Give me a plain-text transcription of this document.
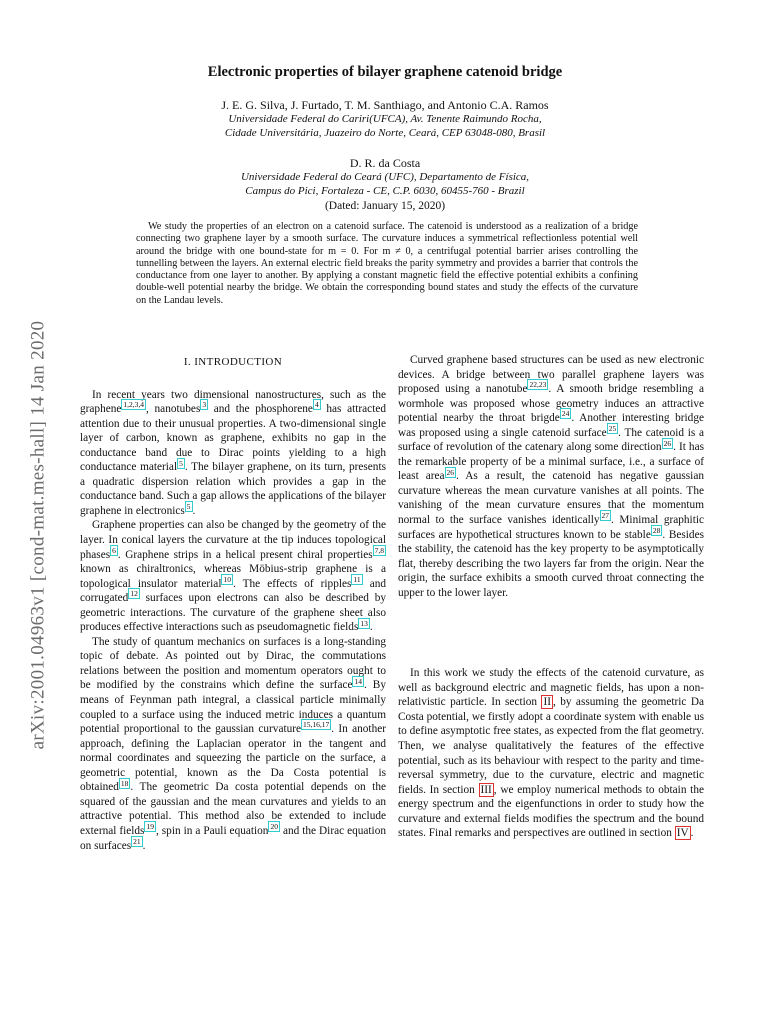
arXiv:2001.04963v1 [cond-mat.mes-hall] 14 Jan 2020
Electronic properties of bilayer graphene catenoid bridge
J. E. G. Silva, J. Furtado, T. M. Santhiago, and Antonio C.A. Ramos
Universidade Federal do Cariri(UFCA), Av. Tenente Raimundo Rocha,
Cidade Universitária, Juazeiro do Norte, Ceará, CEP 63048-080, Brasil
D. R. da Costa
Universidade Federal do Ceará (UFC), Departamento de Física,
Campus do Pici, Fortaleza - CE, C.P. 6030, 60455-760 - Brazil
(Dated: January 15, 2020)
We study the properties of an electron on a catenoid surface. The catenoid is understood as a realization of a bridge connecting two graphene layer by a smooth surface. The curvature induces a symmetrical reflectionless potential well around the bridge with one bound-state for m = 0. For m ≠ 0, a centrifugal potential barrier arises controlling the tunnelling between the layers. An external electric field breaks the parity symmetry and provides a barrier that controls the conductance from one layer to another. By applying a constant magnetic field the effective potential exhibits a confining double-well potential nearby the bridge. We obtain the corresponding bound states and study the effects of the curvature on the Landau levels.
I. INTRODUCTION

In recent years two dimensional nanostructures, such as the graphene $^{1,2,3,4}$ , nanotubes $^3$ and the phosphorene $^4$ has attracted attention due to their unusual properties. A two-dimensional single layer of carbon, known as graphene, exhibits no gap in the conductance band due to Dirac points yielding to a high conductance material $^5$ . The bilayer graphene, on its turn, presents a quadratic dispersion relation which provides a gap in the conductance band. Such a gap allows the applications of the bilayer graphene in electronics $^5$ .

Graphene properties can also be changed by the geometry of the layer. In conical layers the curvature at the tip induces topological phases $^6$ . Graphene strips in a helical present chiral properties $^{7,8}$ known as chiraltronics, whereas Möbius-strip graphene is a topological insulator material $^{10}$ . The effects of ripples $^{11}$ and corrugated $^{12}$ surfaces upon electrons can also be described by geometric interactions. The curvature of the graphene sheet also produces effective interactions such as pseudomagnetic fields $^{13}$ .

The study of quantum mechanics on surfaces is a long-standing topic of debate. As pointed out by Dirac, the commutations relations between the position and momentum operators ought to be modified by the constrains which define the surface $^{14}$ . By means of Feynman path integral, a classical particle minimally coupled to a surface using the induced metric induces a quantum potential proportional to the gaussian curvature $^{15,16,17}$ . In another approach, defining the Laplacian operator in the tangent and normal coordinates and squeezing the particle on the surface, a geometric potential, known as the Da Costa potential is obtained $^{18}$ . The geometric Da costa potential depends on the squared of the gaussian and the mean curvatures and yields to an attractive potential. This method also be extended to include external fields $^{19}$ , spin in a Pauli equation $^{20}$ and the Dirac equation on surfaces $^{21}$ .

Curved graphene based structures can be used as new electronic devices. A bridge between two parallel graphene layers was proposed using a nanotube $^{22,23}$ . A smooth bridge resembling a wormhole was proposed whose geometry induces an attractive potential nearby the throat brigde $^{24}$ . Another interesting bridge was proposed using a single catenoid surface $^{25}$ . The catenoid is a surface of revolution of the catenary along some direction $^{26}$ . It has the remarkable property of be a minimal surface, i.e., a surface of least area $^{26}$ . As a result, the catenoid has negative gaussian curvature whereas the mean curvature vanishes at all points. The vanishing of the mean curvature ensures that the momentum normal to the surface vanishes identically $^{27}$ . Minimal graphitic surfaces are hypothetical structures known to be stable $^{28}$ . Besides the stability, the catenoid has the key property to be asymptotically flat, thereby describing the two layers far from the origin. Near the origin, the surface exhibits a smooth curved throat connecting the upper to the lower layer.

In this work we study the effects of the catenoid curvature, as well as background electric and magnetic fields, has upon a non-relativistic particle. In section II , by assuming the geometric Da Costa potential, we firstly adopt a coordinate system with enable us to define asymptotic free states, as expected from the flat geometry. Then, we analyse qualitatively the features of the effective potential, such as its behaviour with respect to the parity and time-reversal symmetry, due to the curvature, electric and magnetic fields. In section III , we employ numerical methods to obtain the energy spectrum and the eigenfunctions in order to study how the curvature and external fields modifies the spectrum and the bound states. Final remarks and perspectives are outlined in section IV .
